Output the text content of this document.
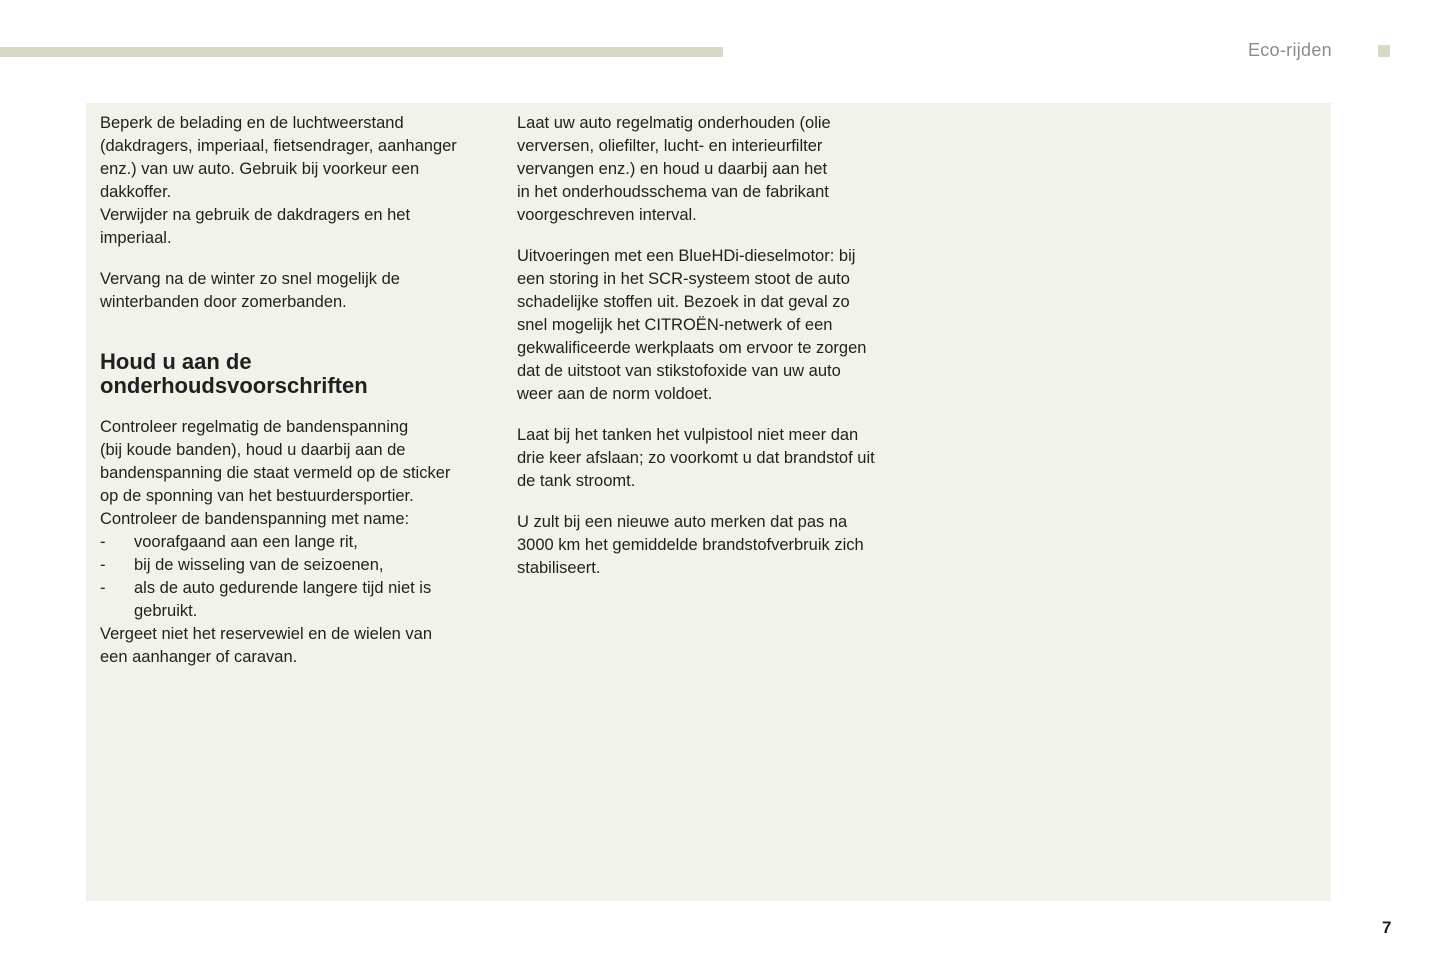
Eco-rijden

Beperk de belading en de luchtweerstand
(dakdragers, imperiaal, fietsendrager, aanhanger
enz.) van uw auto. Gebruik bij voorkeur een
dakkoffer.
Verwijder na gebruik de dakdragers en het
imperiaal.

Vervang na de winter zo snel mogelijk de
winterbanden door zomerbanden.

Houd u aan de
onderhoudsvoorschriften

Controleer regelmatig de bandenspanning
(bij koude banden), houd u daarbij aan de
bandenspanning die staat vermeld op de sticker
op de sponning van het bestuurdersportier.
Controleer de bandenspanning met name:

- voorafgaand aan een lange rit,
- bij de wisseling van de seizoenen,
- als de auto gedurende langere tijd niet is
gebruikt.

Vergeet niet het reservewiel en de wielen van
een aanhanger of caravan.

Laat uw auto regelmatig onderhouden (olie
verversen, oliefilter, lucht- en interieurfilter
vervangen enz.) en houd u daarbij aan het
in het onderhoudsschema van de fabrikant
voorgeschreven interval.

Uitvoeringen met een BlueHDi-dieselmotor: bij
een storing in het SCR-systeem stoot de auto
schadelijke stoffen uit. Bezoek in dat geval zo
snel mogelijk het CITROËN-netwerk of een
gekwalificeerde werkplaats om ervoor te zorgen
dat de uitstoot van stikstofoxide van uw auto
weer aan de norm voldoet.

Laat bij het tanken het vulpistool niet meer dan
drie keer afslaan; zo voorkomt u dat brandstof uit
de tank stroomt.

U zult bij een nieuwe auto merken dat pas na
3000 km het gemiddelde brandstofverbruik zich
stabiliseert.

7
